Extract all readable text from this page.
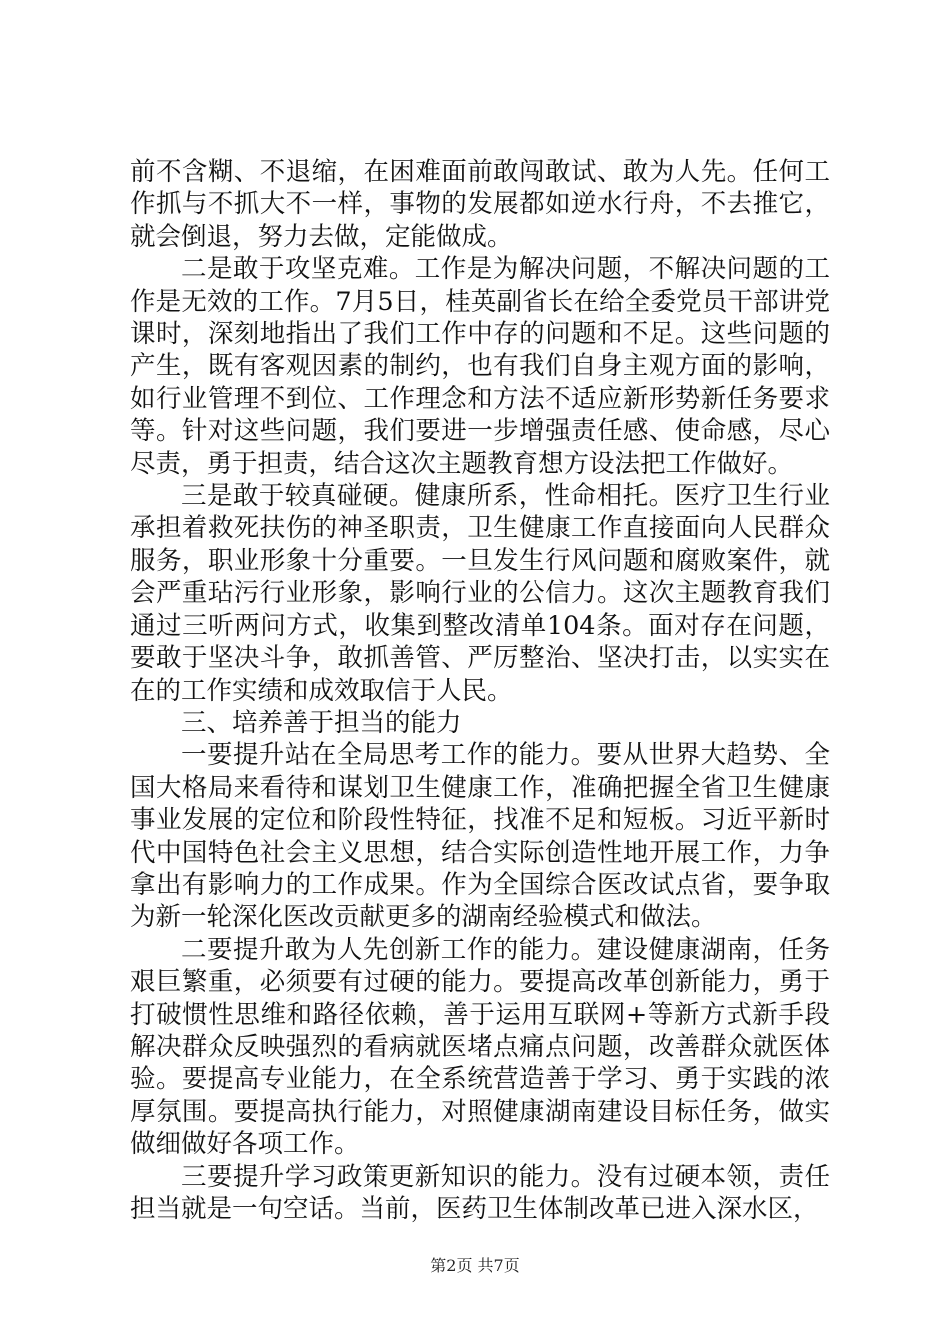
前不含糊、不退缩，在困难面前敢闯敢试、敢为人先。任何工作抓与不抓大不一样，事物的发展都如逆水行舟，不去推它，就会倒退，努力去做，定能做成。

二是敢于攻坚克难。工作是为解决问题，不解决问题的工作是无效的工作。7月5日，桂英副省长在给全委党员干部讲党课时，深刻地指出了我们工作中存的问题和不足。这些问题的产生，既有客观因素的制约，也有我们自身主观方面的影响，如行业管理不到位、工作理念和方法不适应新形势新任务要求等。针对这些问题，我们要进一步增强责任感、使命感，尽心尽责，勇于担责，结合这次主题教育想方设法把工作做好。

三是敢于较真碰硬。健康所系，性命相托。医疗卫生行业承担着救死扶伤的神圣职责，卫生健康工作直接面向人民群众服务，职业形象十分重要。一旦发生行风问题和腐败案件，就会严重玷污行业形象，影响行业的公信力。这次主题教育我们通过三听两问方式，收集到整改清单104条。面对存在问题，要敢于坚决斗争，敢抓善管、严厉整治、坚决打击，以实实在在的工作实绩和成效取信于人民。

三、培养善于担当的能力

一要提升站在全局思考工作的能力。要从世界大趋势、全国大格局来看待和谋划卫生健康工作，准确把握全省卫生健康事业发展的定位和阶段性特征，找准不足和短板。习近平新时代中国特色社会主义思想，结合实际创造性地开展工作，力争拿出有影响力的工作成果。作为全国综合医改试点省，要争取为新一轮深化医改贡献更多的湖南经验模式和做法。

二要提升敢为人先创新工作的能力。建设健康湖南，任务艰巨繁重，必须要有过硬的能力。要提高改革创新能力，勇于打破惯性思维和路径依赖，善于运用互联网+等新方式新手段解决群众反映强烈的看病就医堵点痛点问题，改善群众就医体验。要提高专业能力，在全系统营造善于学习、勇于实践的浓厚氛围。要提高执行能力，对照健康湖南建设目标任务，做实做细做好各项工作。

三要提升学习政策更新知识的能力。没有过硬本领，责任担当就是一句空话。当前，医药卫生体制改革已进入深水区，

第2页 共7页
